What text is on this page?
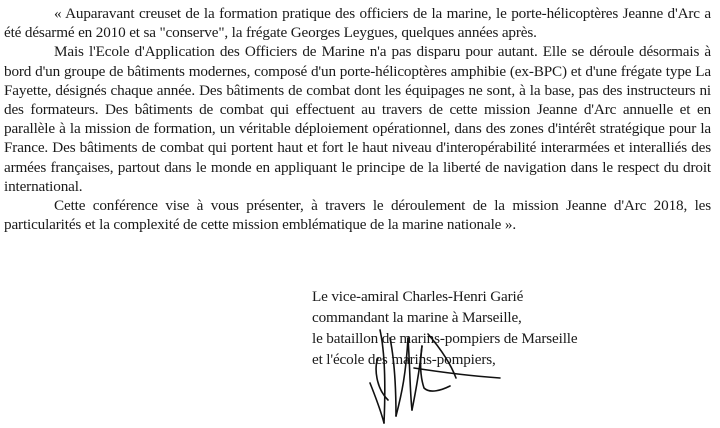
« Auparavant creuset de la formation pratique des officiers de la marine, le porte-hélicoptères Jeanne d'Arc a été désarmé en 2010 et sa "conserve", la frégate Georges Leygues, quelques années après.

Mais l'Ecole d'Application des Officiers de Marine n'a pas disparu pour autant. Elle se déroule désormais à bord d'un groupe de bâtiments modernes, composé d'un porte-hélicoptères amphibie (ex-BPC) et d'une frégate type La Fayette, désignés chaque année. Des bâtiments de combat dont les équipages ne sont, à la base, pas des instructeurs ni des formateurs. Des bâtiments de combat qui effectuent au travers de cette mission Jeanne d'Arc annuelle et en parallèle à la mission de formation, un véritable déploiement opérationnel, dans des zones d'intérêt stratégique pour la France. Des bâtiments de combat qui portent haut et fort le haut niveau d'interopérabilité interarmées et interalliés des armées françaises, partout dans le monde en appliquant le principe de la liberté de navigation dans le respect du droit international.

Cette conférence vise à vous présenter, à travers le déroulement de la mission Jeanne d'Arc 2018, les particularités et la complexité de cette mission emblématique de la marine nationale ».

Le vice-amiral Charles-Henri Garié
commandant la marine à Marseille,
le bataillon de marins-pompiers de Marseille
et l'école des marins-pompiers,
